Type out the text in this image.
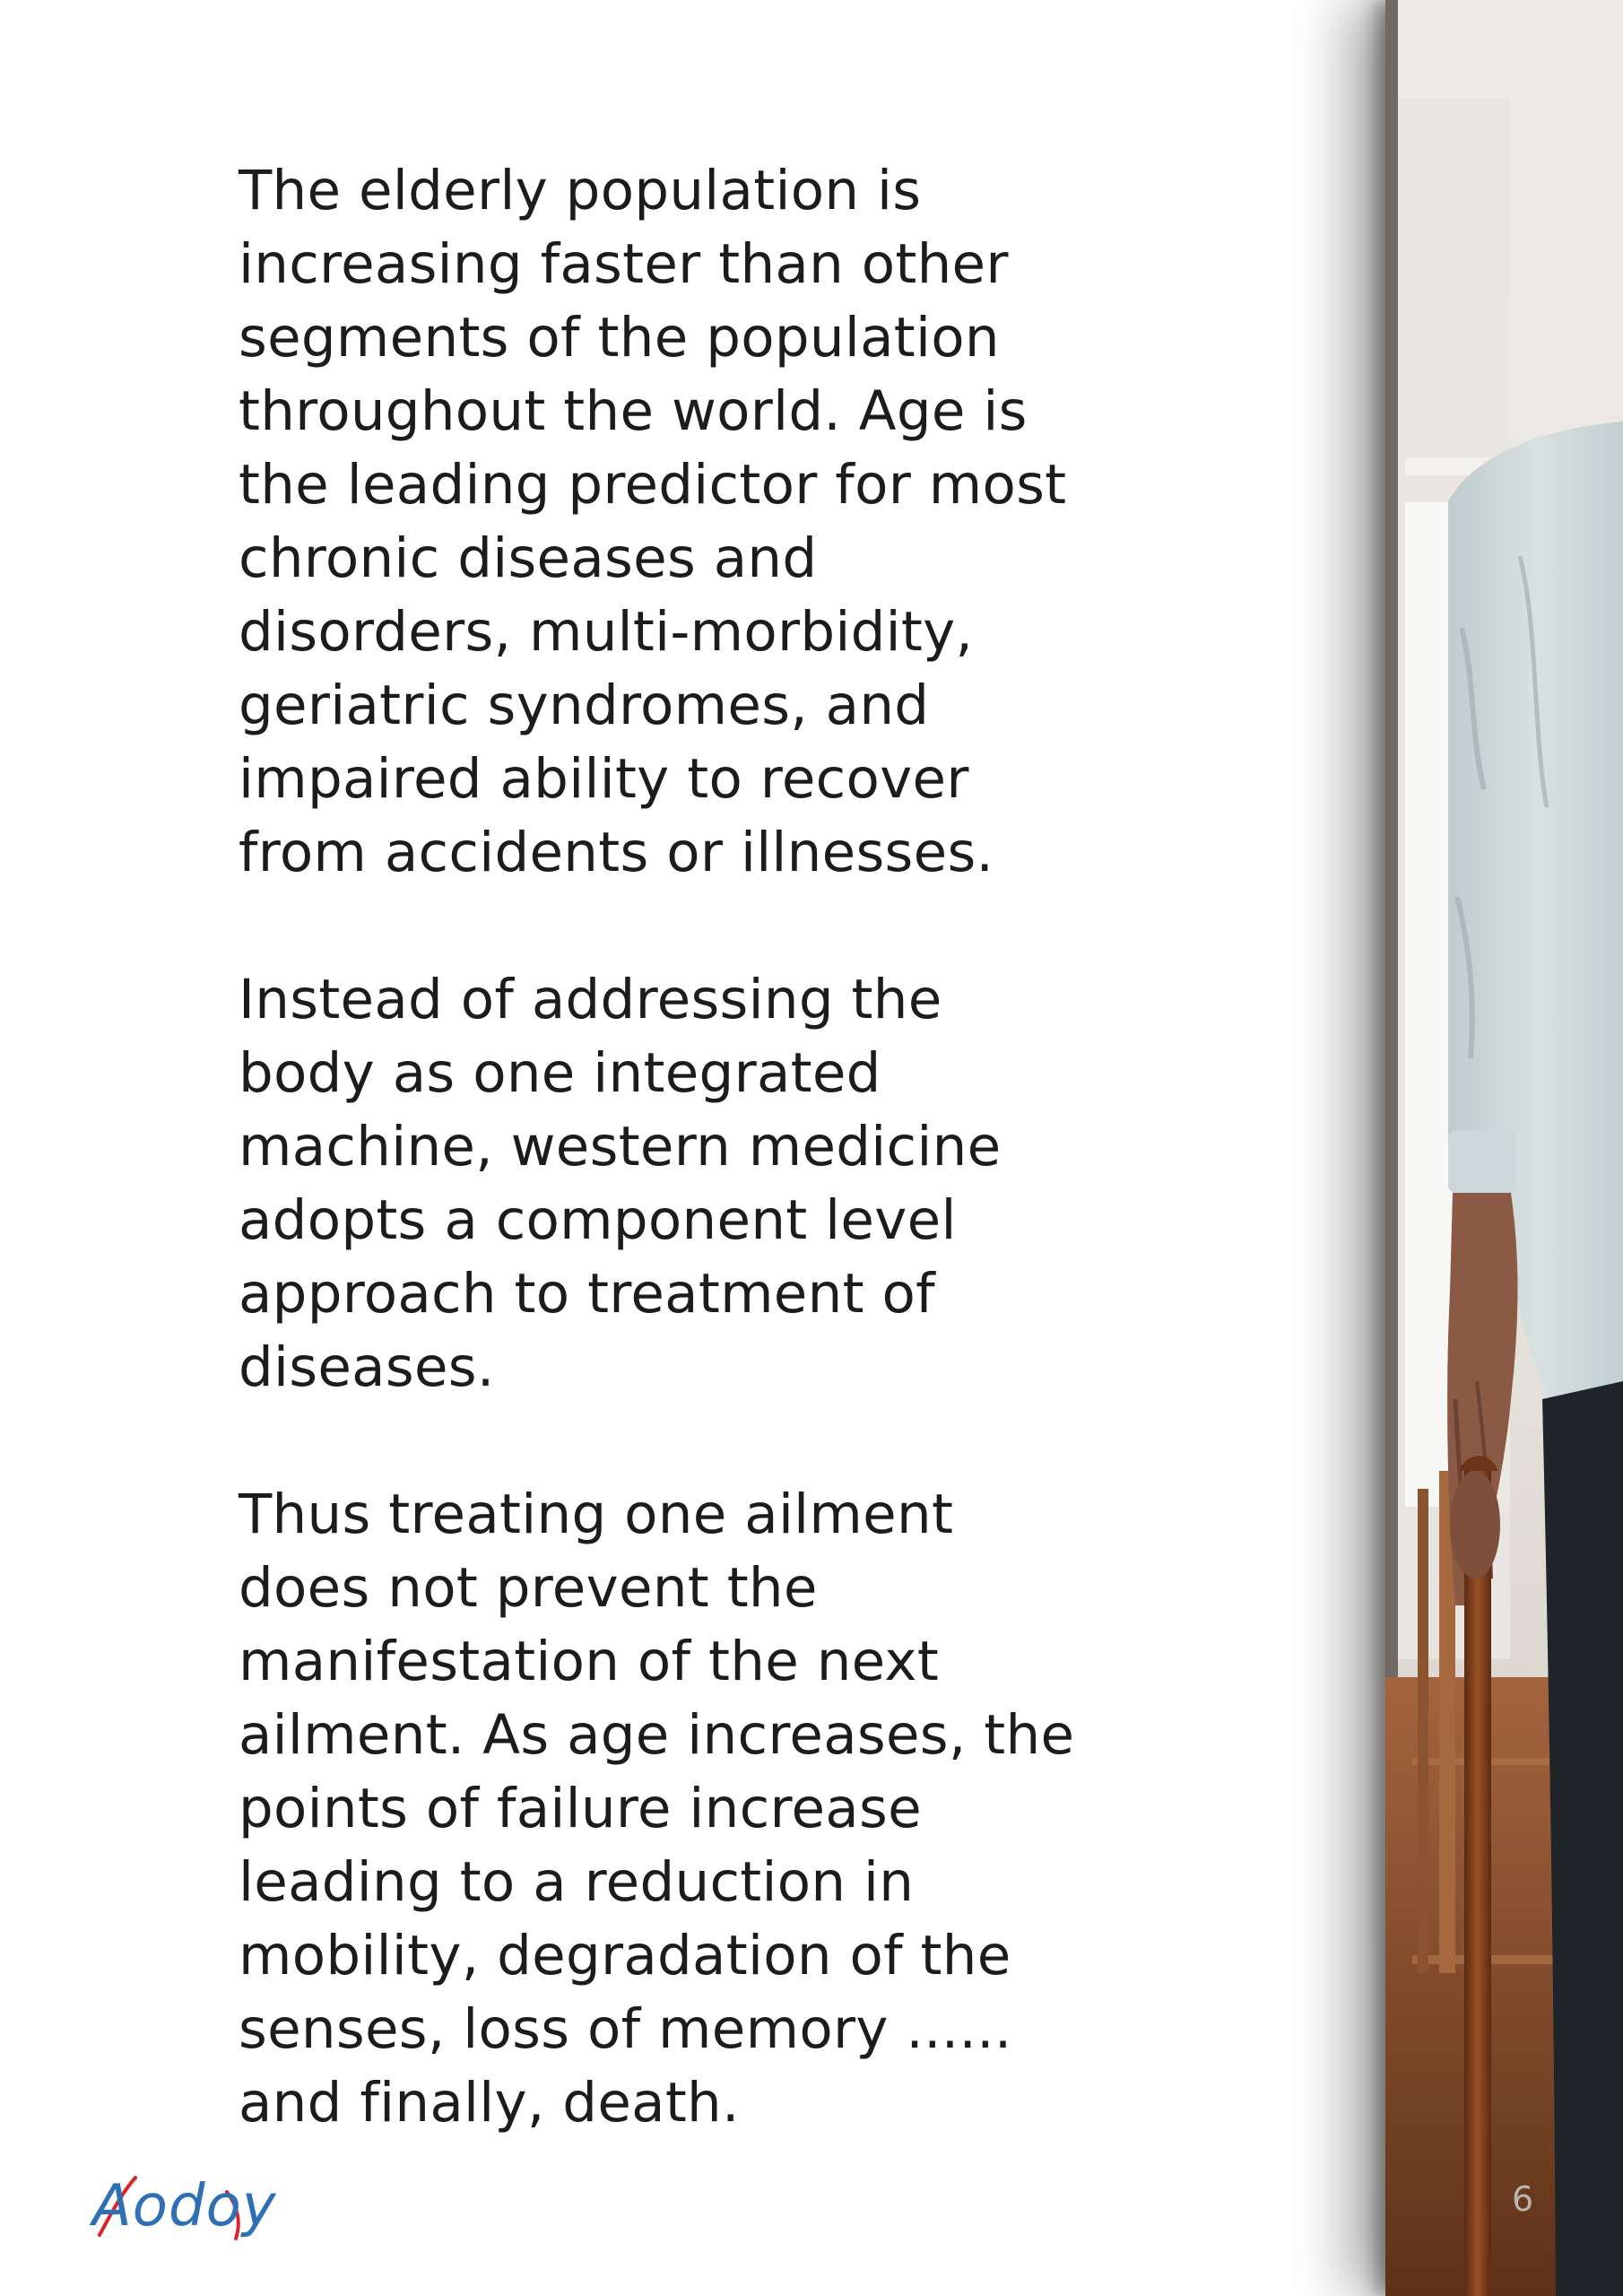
The elderly population is
increasing faster than other
segments of the population
throughout the world. Age is
the leading predictor for most
chronic diseases and
disorders, multi-morbidity,
geriatric syndromes, and
impaired ability to recover
from accidents or illnesses.

Instead of addressing the
body as one integrated
machine, western medicine
adopts a component level
approach to treatment of
diseases.

Thus treating one ailment
does not prevent the
manifestation of the next
ailment. As age increases, the
points of failure increase
leading to a reduction in
mobility, degradation of the
senses, loss of memory ......
and finally, death.

6
Aodoy
